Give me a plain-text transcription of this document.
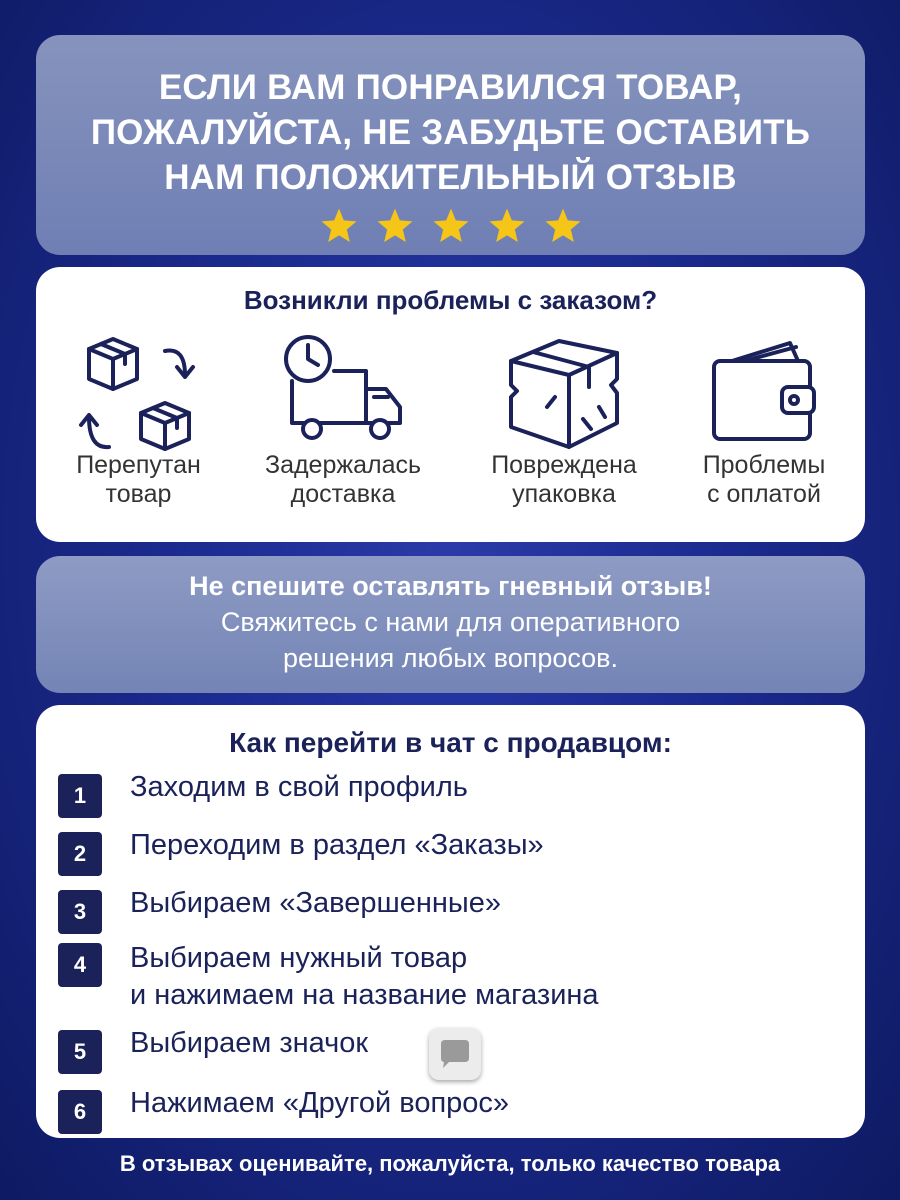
ЕСЛИ ВАМ ПОНРАВИЛСЯ ТОВАР,
ПОЖАЛУЙСТА, НЕ ЗАБУДЬТЕ ОСТАВИТЬ
НАМ ПОЛОЖИТЕЛЬНЫЙ ОТЗЫВ
Возникли проблемы с заказом?
Перепутан
товар
Задержалась
доставка
Повреждена
упаковка
Проблемы
с оплатой
Не спешите оставлять гневный отзыв!
Свяжитесь с нами для оперативного
решения любых вопросов.
Как перейти в чат с продавцом:
1	Заходим в свой профиль
2	Переходим в раздел «Заказы»
3	Выбираем «Завершенные»
4	Выбираем нужный товар
и нажимаем на название магазина
5	Выбираем значок
6	Нажимаем «Другой вопрос»
В отзывах оценивайте, пожалуйста, только качество товара
